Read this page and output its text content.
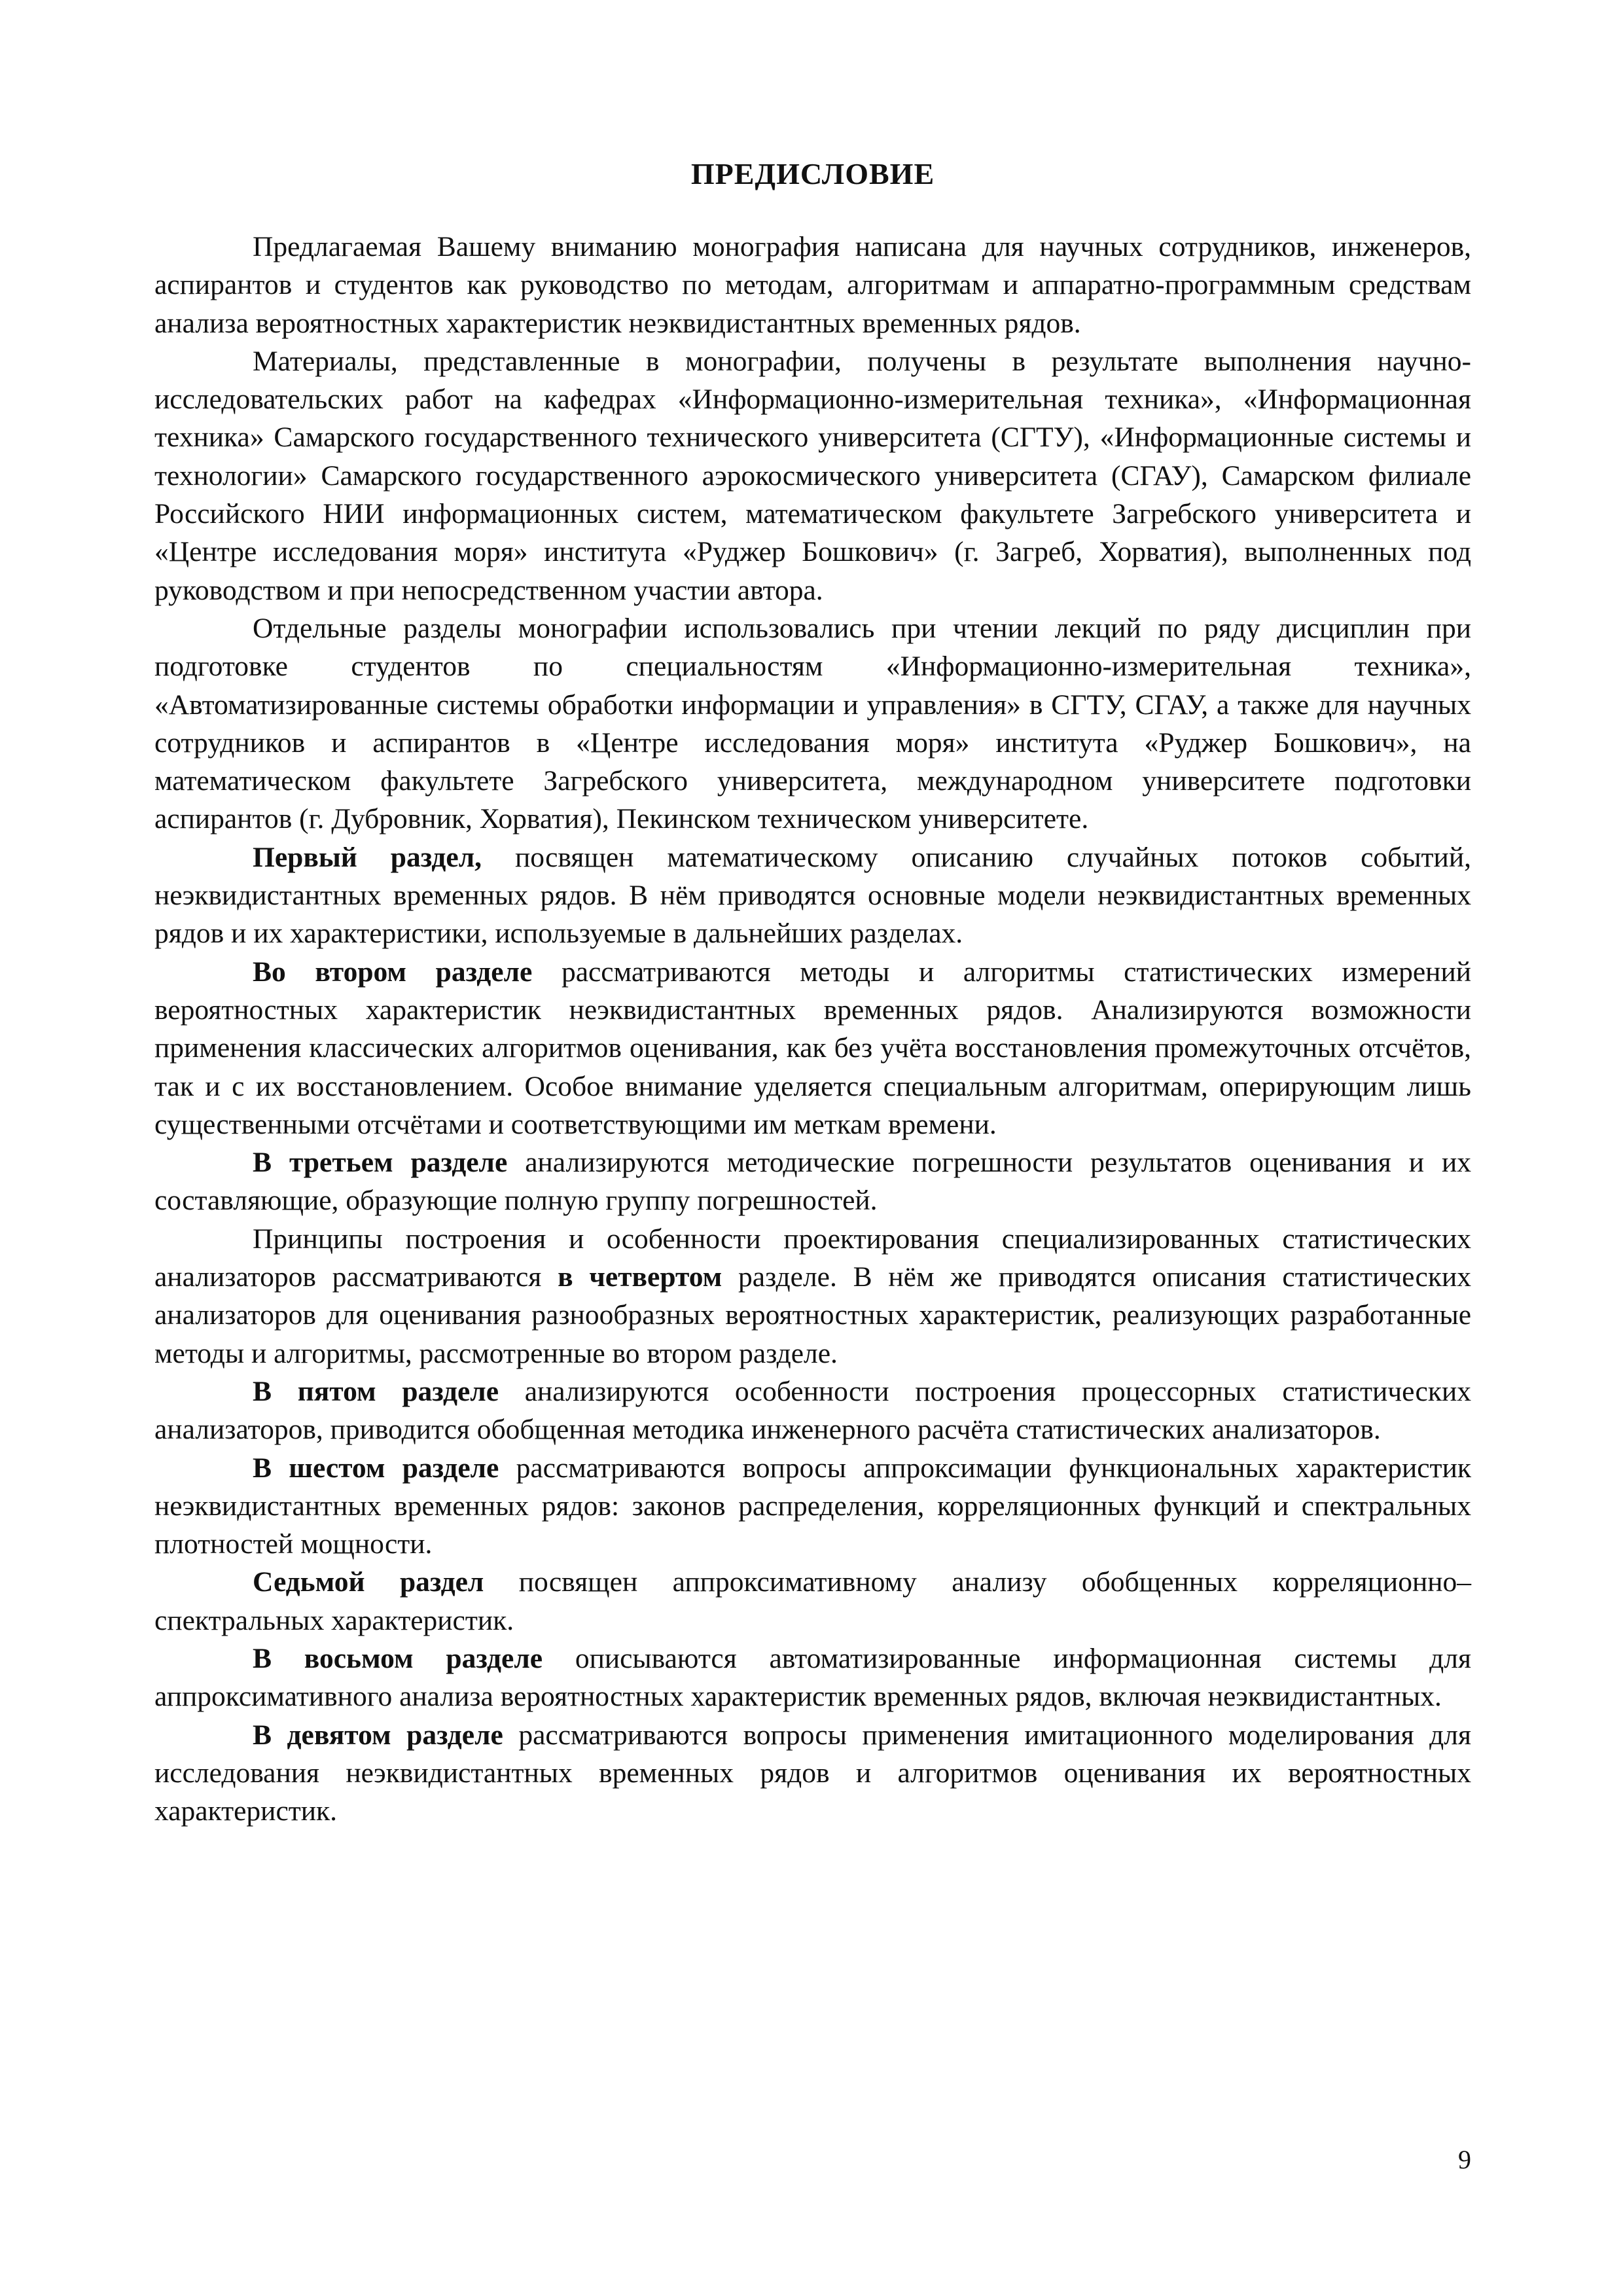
ПРЕДИСЛОВИЕ

Предлагаемая Вашему вниманию монография написана для научных сотрудников, инженеров, аспирантов и студентов как руководство по методам, алгоритмам и аппаратно-программным средствам анализа вероятностных характеристик неэквидистантных временных рядов.

Материалы, представленные в монографии, получены в результате выполнения научно-исследовательских работ на кафедрах «Информационно-измерительная техника», «Информационная техника» Самарского государственного технического университета (СГТУ), «Информационные системы и технологии» Самарского государственного аэрокосмического университета (СГАУ), Самарском филиале Российского НИИ информационных систем, математическом факультете Загребского университета и «Центре исследования моря» института «Руджер Бошкович» (г. Загреб, Хорватия), выполненных под руководством и при непосредственном участии автора.

Отдельные разделы монографии использовались при чтении лекций по ряду дисциплин при подготовке студентов по специальностям «Информационно-измерительная техника», «Автоматизированные системы обработки информации и управления» в СГТУ, СГАУ, а также для научных сотрудников и аспирантов в «Центре исследования моря» института «Руджер Бошкович», на математическом факультете Загребского университета, международном университете подготовки аспирантов (г. Дубровник, Хорватия), Пекинском техническом университете.

Первый раздел, посвящен математическому описанию случайных потоков событий, неэквидистантных временных рядов. В нём приводятся основные модели неэквидистантных временных рядов и их характеристики, используемые в дальнейших разделах.

Во втором разделе рассматриваются методы и алгоритмы статистических измерений вероятностных характеристик неэквидистантных временных рядов. Анализируются возможности применения классических алгоритмов оценивания, как без учёта восстановления промежуточных отсчётов, так и с их восстановлением. Особое внимание уделяется специальным алгоритмам, оперирующим лишь существенными отсчётами и соответствующими им меткам времени.

В третьем разделе анализируются методические погрешности результатов оценивания и их составляющие, образующие полную группу погрешностей.

Принципы построения и особенности проектирования специализированных статистических анализаторов рассматриваются в четвертом разделе. В нём же приводятся описания статистических анализаторов для оценивания разнообразных вероятностных характеристик, реализующих разработанные методы и алгоритмы, рассмотренные во втором разделе.

В пятом разделе анализируются особенности построения процессорных статистических анализаторов, приводится обобщенная методика инженерного расчёта статистических анализаторов.

В шестом разделе рассматриваются вопросы аппроксимации функциональных характеристик неэквидистантных временных рядов: законов распределения, корреляционных функций и спектральных плотностей мощности.

Седьмой раздел посвящен аппроксимативному анализу обобщенных корреляционно–спектральных характеристик.

В восьмом разделе описываются автоматизированные информационная системы для аппроксимативного анализа вероятностных характеристик временных рядов, включая неэквидистантных.

В девятом разделе рассматриваются вопросы применения имитационного моделирования для исследования неэквидистантных временных рядов и алгоритмов оценивания их вероятностных характеристик.

9
